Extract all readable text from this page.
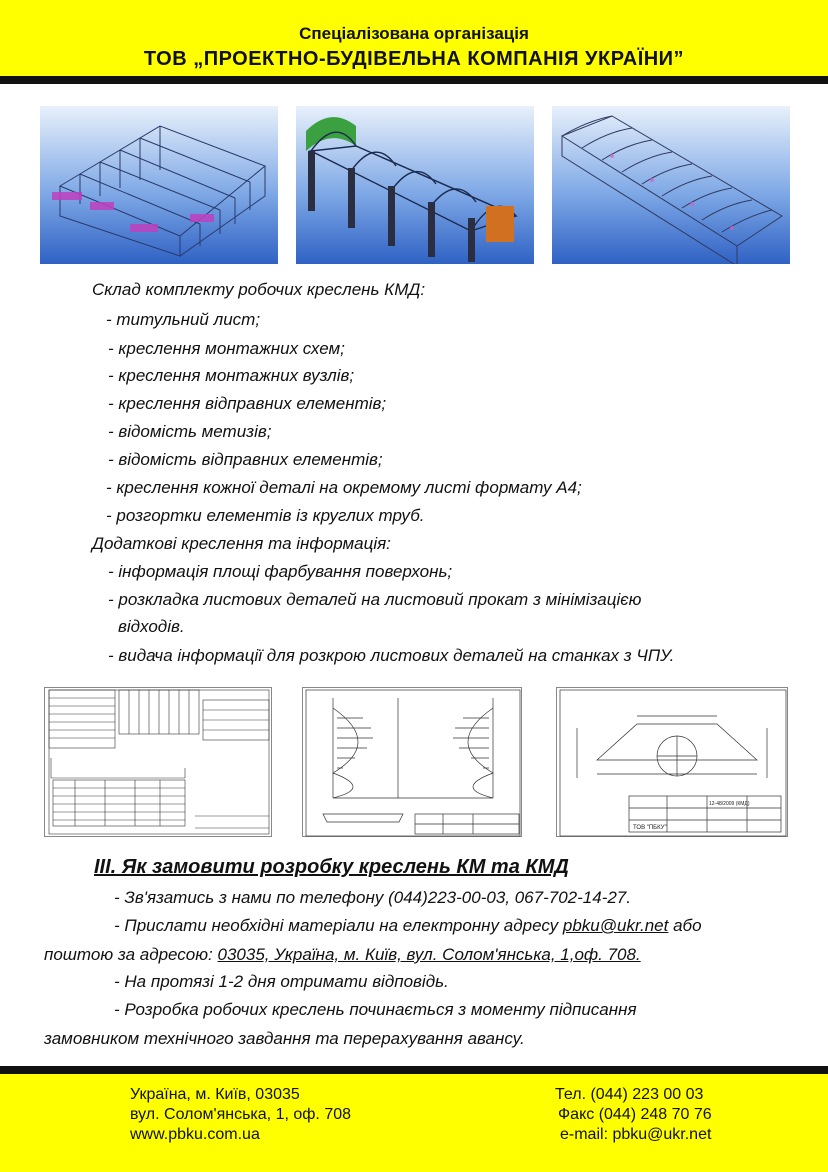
Спеціалізована організація
ТОВ „ПРОЕКТНО-БУДІВЕЛЬНА КОМПАНІЯ УКРАЇНИ”
Склад комплекту робочих креслень КМД:
- титульний лист;
- креслення монтажних схем;
- креслення монтажних вузлів;
- креслення відправних елементів;
- відомість метизів;
- відомість відправних елементів;
- креслення кожної деталі на окремому листі формату А4;
- розгортки елементів із круглих труб.
Додаткові креслення та інформація:
- інформація площі фарбування поверхонь;
- розкладка листових деталей на листовий прокат з мінімізацією
відходів.
- видача інформації для розкрою листових деталей на станках з ЧПУ.
ТОВ "ПБКУ"
12-48/2009 (КМД)
ІІІ. Як замовити розробку креслень КМ та КМД
- Зв'язатись з нами по телефону (044)223-00-03, 067-702-14-27.
- Прислати необхідні матеріали на електронну адресу pbku@ukr.net або
поштою за адресою: 03035, Україна, м. Київ, вул. Солом'янська, 1,оф. 708.
- На протязі 1-2 дня отримати відповідь.
- Розробка робочих креслень починається з моменту підписання
замовником технічного завдання та перерахування авансу.
Україна, м. Київ, 03035
вул. Солом'янська, 1, оф. 708
www.pbku.com.ua
Тел. (044) 223 00 03
Факс (044) 248 70 76
e-mail: pbku@ukr.net
